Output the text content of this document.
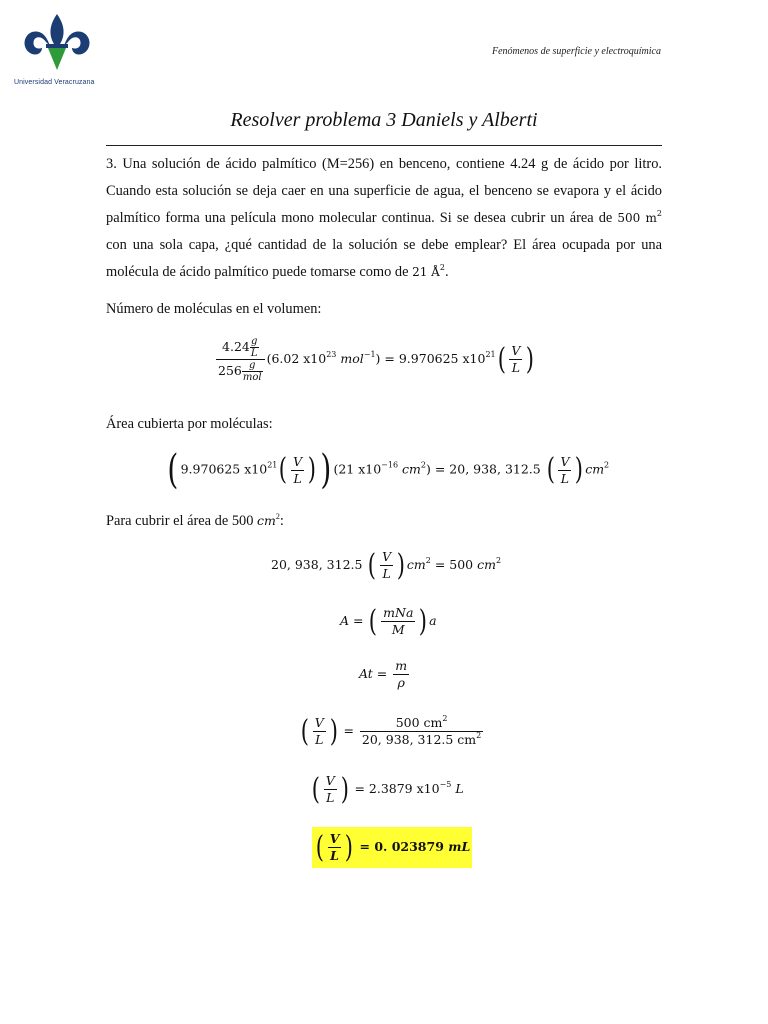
Universidad Veracruzana
Fenómenos de superficie y electroquímica
Resolver problema 3 Daniels y Alberti
3. Una solución de ácido palmítico (M=256) en benceno, contiene 4.24 g de ácido por litro. Cuando esta solución se deja caer en una superficie de agua, el benceno se evapora y el ácido palmítico forma una película mono molecular continua. Si se desea cubrir un área de 500 $m^2$ con una sola capa, ¿qué cantidad de la solución se debe emplear? El área ocupada por una molécula de ácido palmítico puede tomarse como de 21 $Å^2$.
Número de moléculas en el volumen:
$4.24 \frac{g}{L}$
256 g
mol (6.02 $x10^{23}$ mol$^{-1}$) = 9.970625 $x10^{21}( \frac{V}{L}$ )
Área cubierta por moléculas:
( 9.970625 $x10^{21}( \frac{V}{L}$ ) ) (21 $x10^{-16}$ $cm^2) = 20$, 938, 312.5 ( $\frac{V}{L}$ ) $cm^2$
Para cubrir el área de 500 $cm^2$:
20, 938, 312.5 ( $\frac{V}{L}$ ) $cm^2 = 500$ $cm^2$
A = ( $\frac{\text{mNa}}{M}$ ) a
$At = \frac{m}{\rho}$
( $\frac{V}{L}$ ) = $\frac{500 cm^2}{20, 938, 312.5 cm^2}$
( $\frac{V}{L}$ ) = 2.3879 $x10^{-5}$ L
( $\frac{V}{L}$ ) = 0. 023879 mL
